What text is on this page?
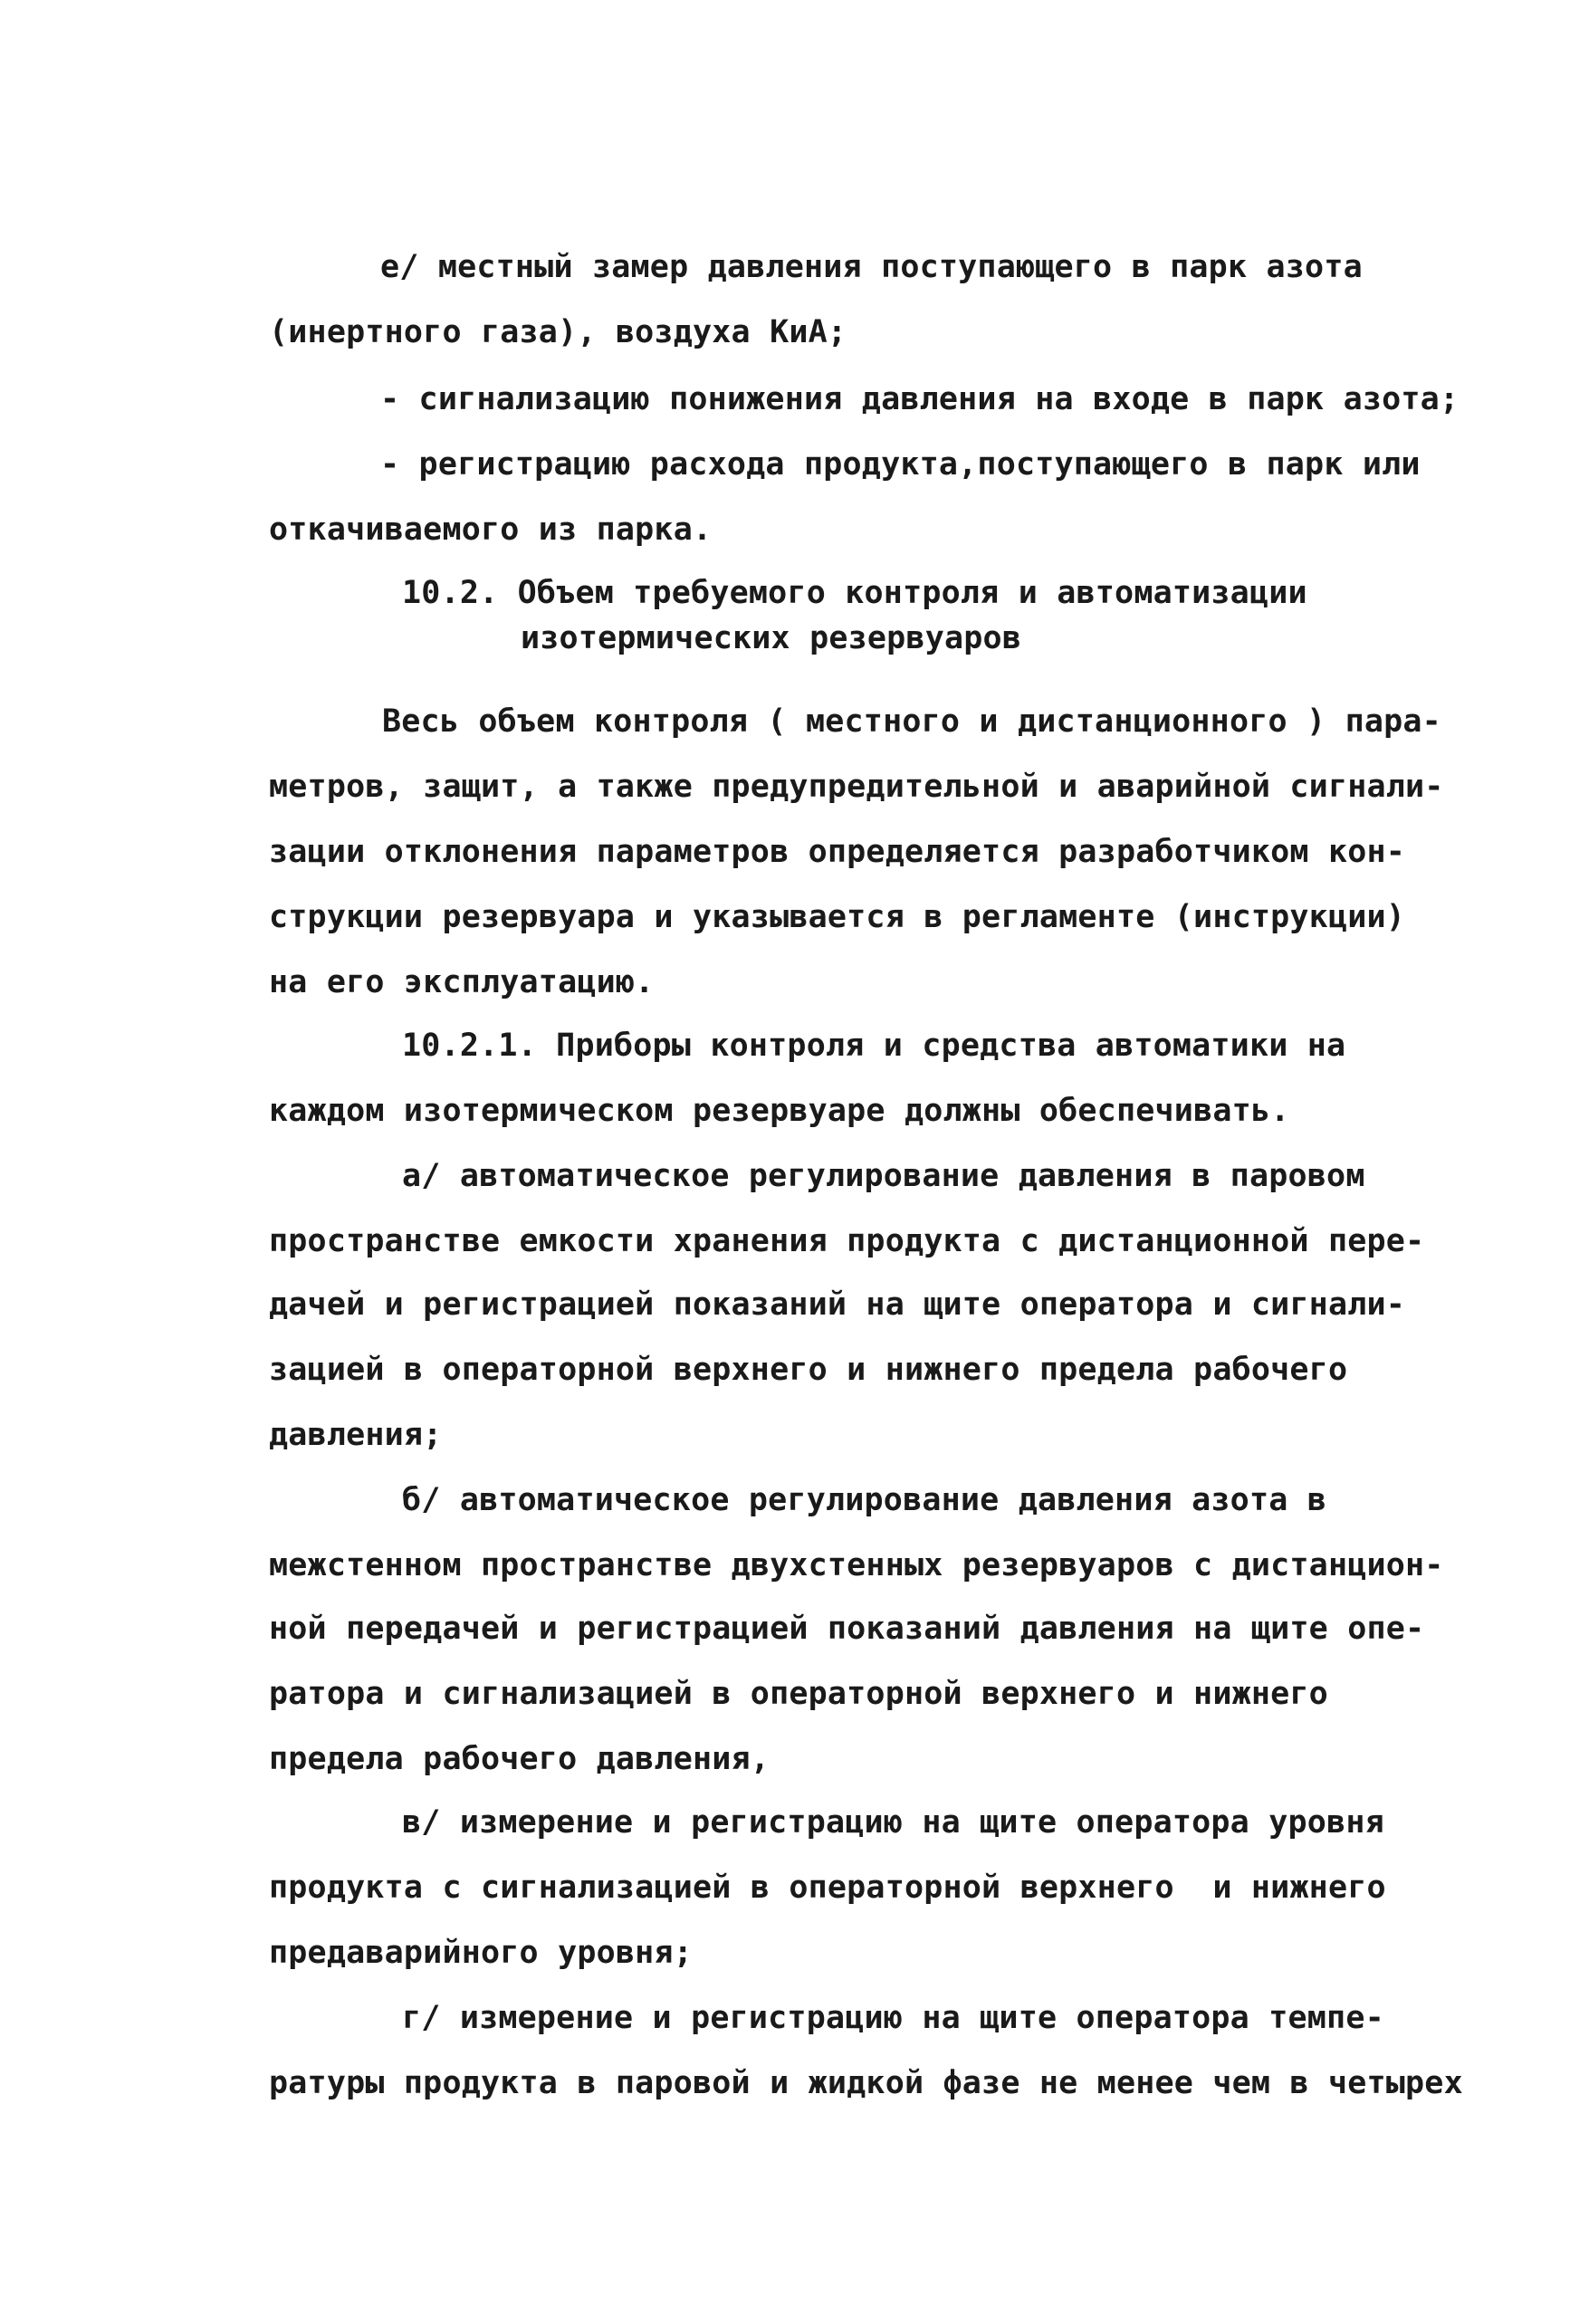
е/ местный замер давления поступающего в парк азота
(инертного газа), воздуха КиА;
- сигнализацию понижения давления на входе в парк азота;
- регистрацию расхода продукта,поступающего в парк или
откачиваемого из парка.
10.2. Объем требуемого контроля и автоматизации
изотермических резервуаров
Весь объем контроля ( местного и дистанционного ) пара-
метров, защит, а также предупредительной и аварийной сигнали-
зации отклонения параметров определяется разработчиком кон-
струкции резервуара и указывается в регламенте (инструкции)
на его эксплуатацию.
10.2.1. Приборы контроля и средства автоматики на
каждом изотермическом резервуаре должны обеспечивать.
а/ автоматическое регулирование давления в паровом
пространстве емкости хранения продукта с дистанционной пере-
дачей и регистрацией показаний на щите оператора и сигнали-
зацией в операторной верхнего и нижнего предела рабочего
давления;
б/ автоматическое регулирование давления азота в
межстенном пространстве двухстенных резервуаров с дистанцион-
ной передачей и регистрацией показаний давления на щите опе-
ратора и сигнализацией в операторной верхнего и нижнего
предела рабочего давления,
в/ измерение и регистрацию на щите оператора уровня
продукта с сигнализацией в операторной верхнего  и нижнего
предаварийного уровня;
г/ измерение и регистрацию на щите оператора темпе-
ратуры продукта в паровой и жидкой фазе не менее чем в четырех
